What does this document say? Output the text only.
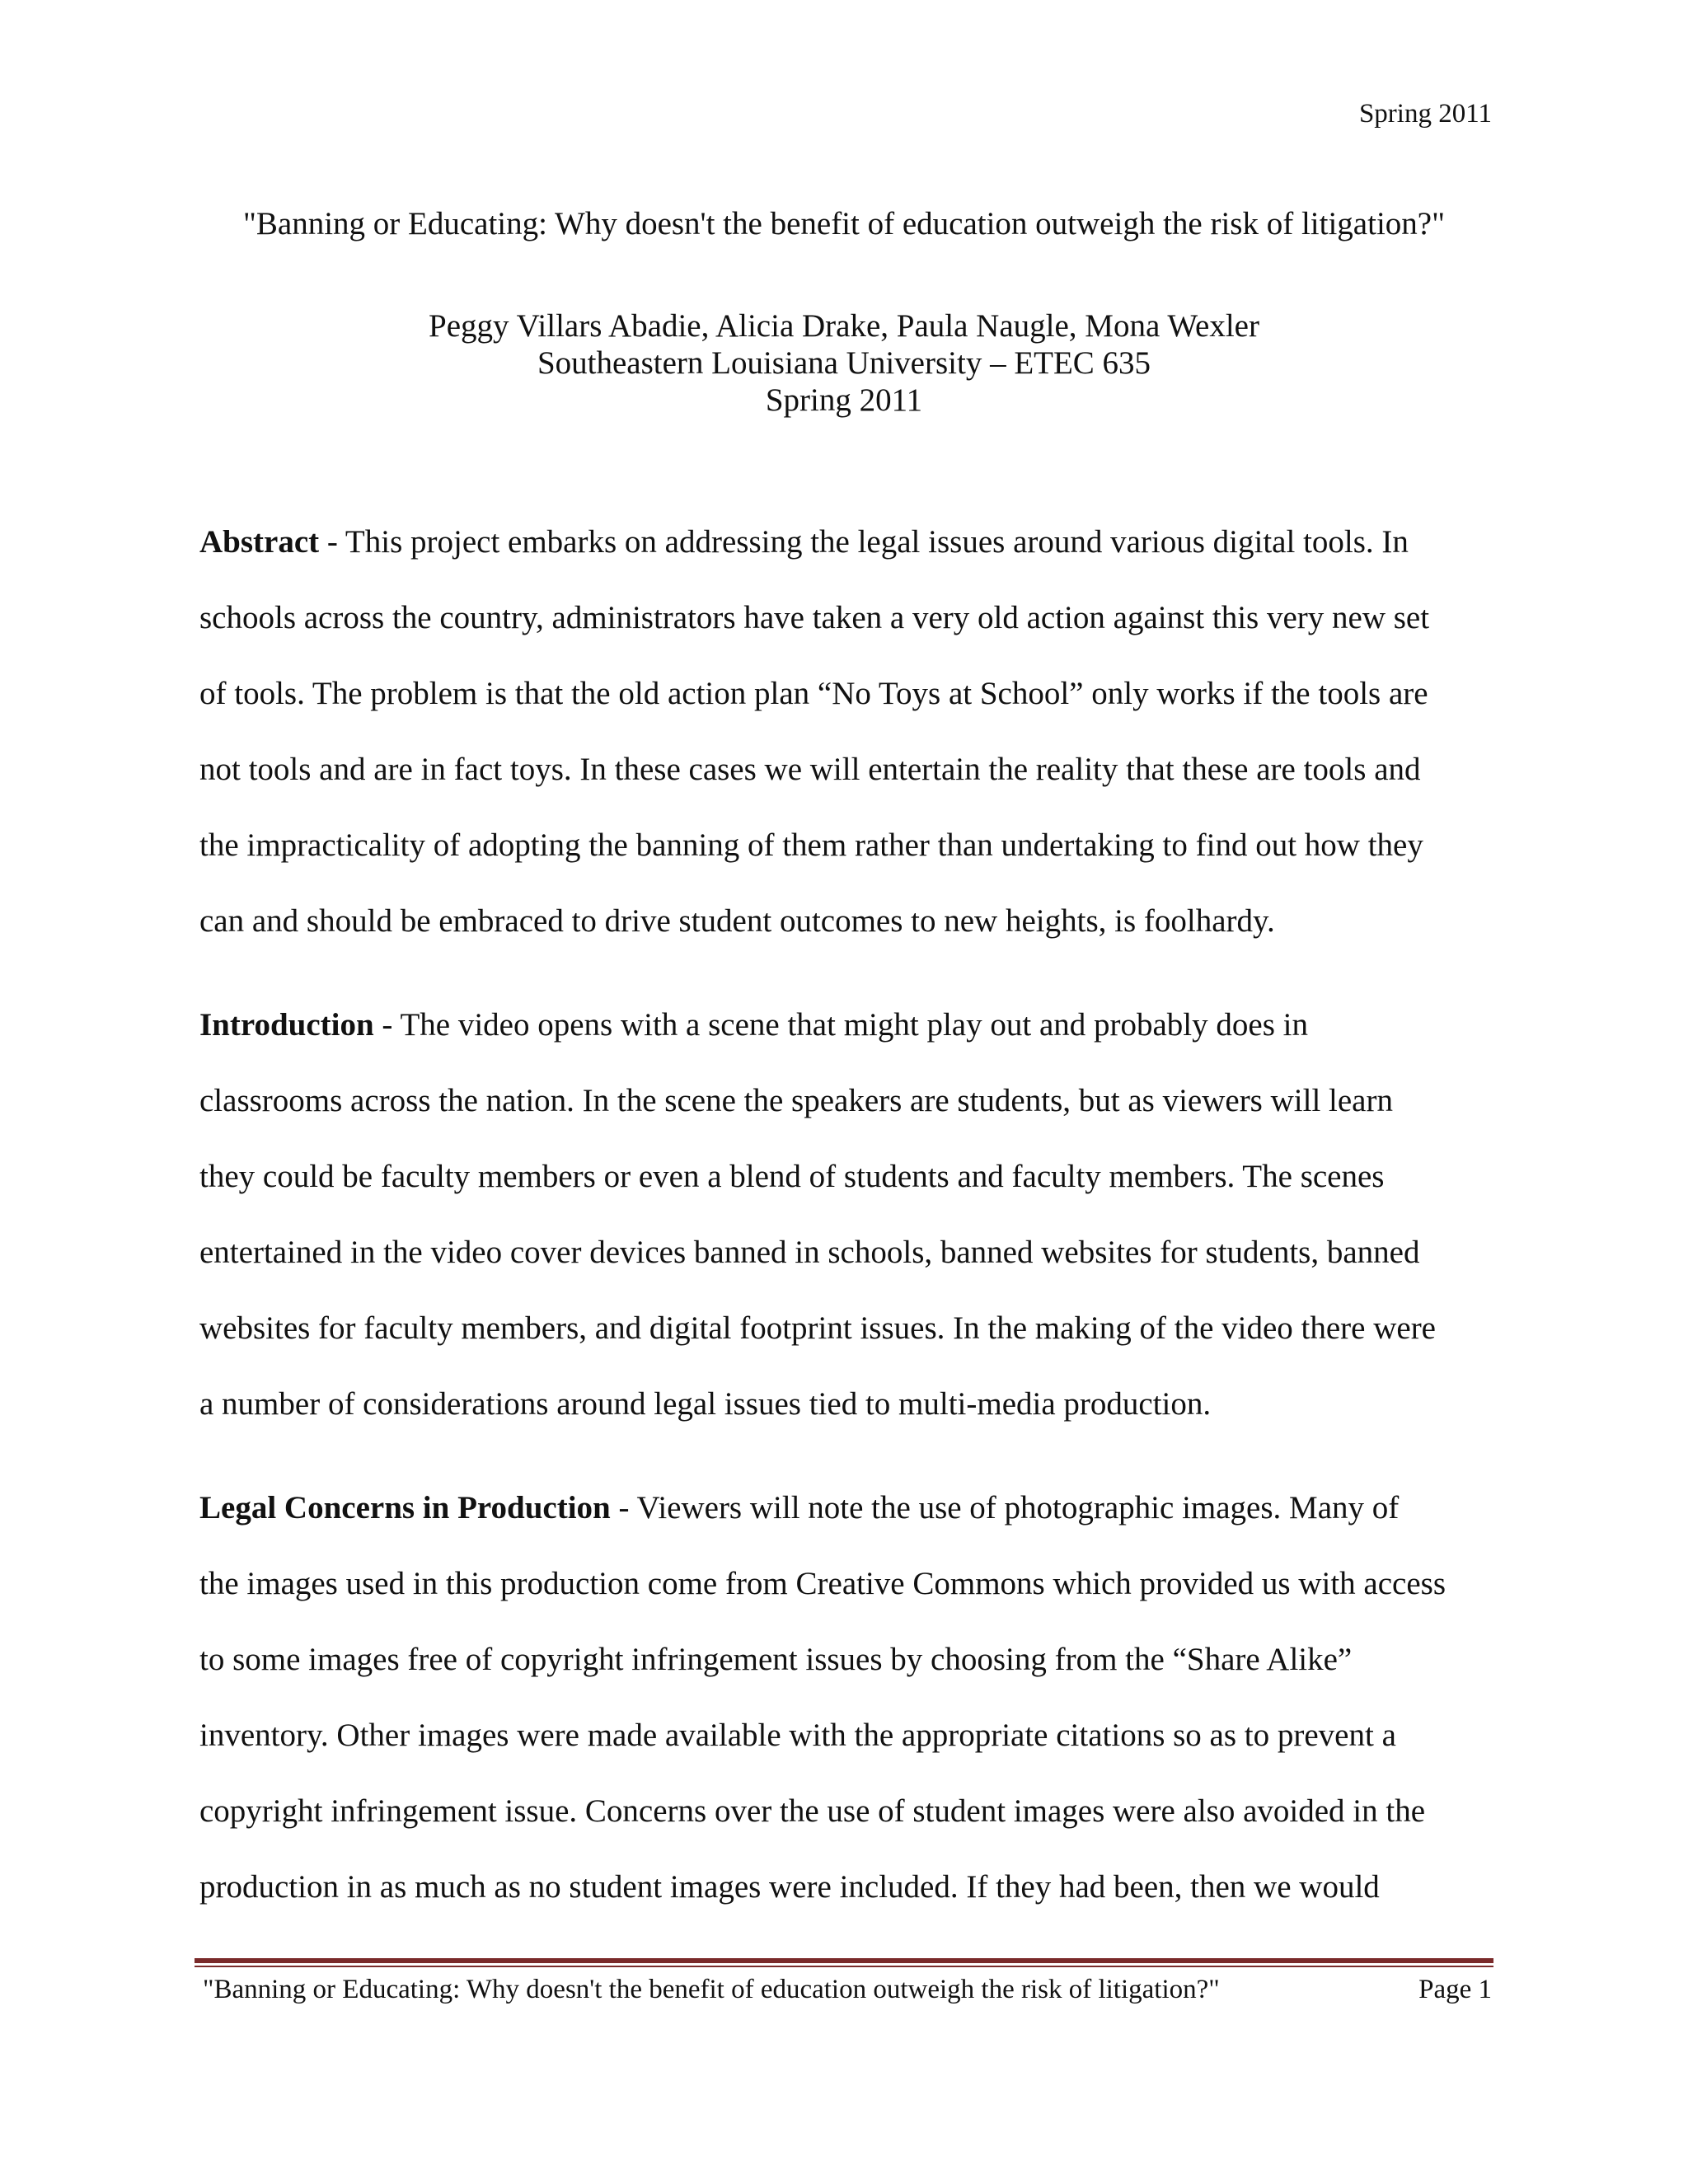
Spring 2011
"Banning or Educating: Why doesn't the benefit of education outweigh the risk of litigation?"
Peggy Villars Abadie, Alicia Drake, Paula Naugle, Mona Wexler
Southeastern Louisiana University – ETEC 635
Spring 2011
Abstract - This project embarks on addressing the legal issues around various digital tools. In
schools across the country, administrators have taken a very old action against this very new set
of tools. The problem is that the old action plan “No Toys at School” only works if the tools are
not tools and are in fact toys. In these cases we will entertain the reality that these are tools and
the impracticality of adopting the banning of them rather than undertaking to find out how they
can and should be embraced to drive student outcomes to new heights, is foolhardy.
Introduction - The video opens with a scene that might play out and probably does in
classrooms across the nation. In the scene the speakers are students, but as viewers will learn
they could be faculty members or even a blend of students and faculty members. The scenes
entertained in the video cover devices banned in schools, banned websites for students, banned
websites for faculty members, and digital footprint issues. In the making of the video there were
a number of considerations around legal issues tied to multi-media production.
Legal Concerns in Production - Viewers will note the use of photographic images. Many of
the images used in this production come from Creative Commons which provided us with access
to some images free of copyright infringement issues by choosing from the “Share Alike”
inventory. Other images were made available with the appropriate citations so as to prevent a
copyright infringement issue. Concerns over the use of student images were also avoided in the
production in as much as no student images were included. If they had been, then we would
"Banning or Educating: Why doesn't the benefit of education outweigh the risk of litigation?"	Page 1
